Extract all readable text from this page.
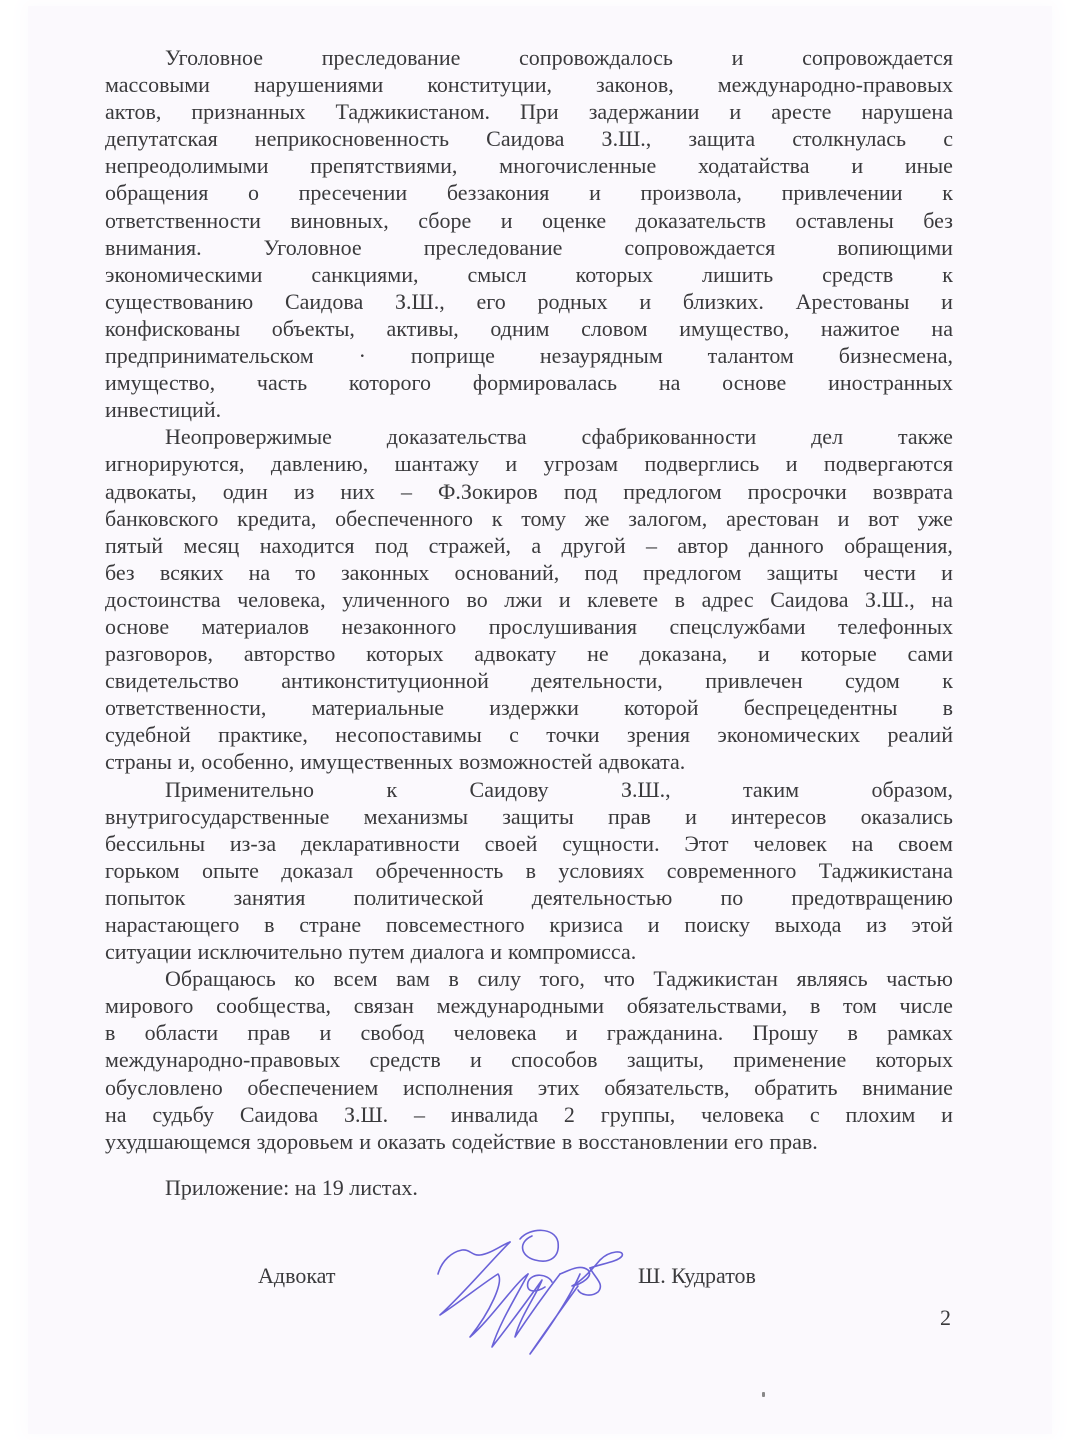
Уголовное	преследование	сопровождалось	и	сопровождается
массовыми нарушениями конституции, законов, международно-правовых
актов, признанных Таджикистаном. При задержании и аресте нарушена
депутатская неприкосновенность Саидова З.Ш., защита столкнулась с
непреодолимыми препятствиями, многочисленные ходатайства и иные
обращения о пресечении беззакония и произвола, привлечении к
ответственности виновных, сборе и оценке доказательств оставлены без
внимания.	Уголовное	преследование	сопровождается	вопиющими
экономическими санкциями, смысл которых лишить средств к
существованию Саидова З.Ш., его родных и близких. Арестованы и
конфискованы объекты, активы, одним словом имущество, нажитое на
предпринимательском · поприще незаурядным талантом бизнесмена,
имущество, часть которого формировалась на основе иностранных
инвестиций.
Неопровержимые доказательства сфабрикованности дел также
игнорируются, давлению, шантажу и угрозам подверглись и подвергаются
адвокаты, один из них – Ф.Зокиров под предлогом просрочки возврата
банковского кредита, обеспеченного к тому же залогом, арестован и вот уже
пятый месяц находится под стражей, а другой – автор данного обращения,
без всяких на то законных оснований, под предлогом защиты чести и
достоинства человека, уличенного во лжи и клевете в адрес Саидова З.Ш., на
основе материалов незаконного прослушивания спецслужбами телефонных
разговоров, авторство которых адвокату не доказана, и которые сами
свидетельство антиконституционной деятельности, привлечен судом к
ответственности, материальные издержки которой беспрецедентны в
судебной практике, несопоставимы с точки зрения экономических реалий
страны и, особенно, имущественных возможностей адвоката.
Применительно	к	Саидову	З.Ш.,	таким	образом,
внутригосударственные механизмы защиты прав и интересов оказались
бессильны из-за декларативности своей сущности. Этот человек на своем
горьком опыте доказал обреченность в условиях современного Таджикистана
попыток занятия политической деятельностью по предотвращению
нарастающего в стране повсеместного кризиса и поиску выхода из этой
ситуации исключительно путем диалога и компромисса.
Обращаюсь ко всем вам в силу того, что Таджикистан являясь частью
мирового сообщества, связан международными обязательствами, в том числе
в области прав и свобод человека и гражданина. Прошу в рамках
международно-правовых средств и способов защиты, применение которых
обусловлено обеспечением исполнения этих обязательств, обратить внимание
на судьбу Саидова З.Ш. – инвалида 2 группы, человека с плохим и
ухудшающемся здоровьем и оказать содействие в восстановлении его прав.
Приложение: на 19 листах.
Адвокат	Ш. Кудратов
2
